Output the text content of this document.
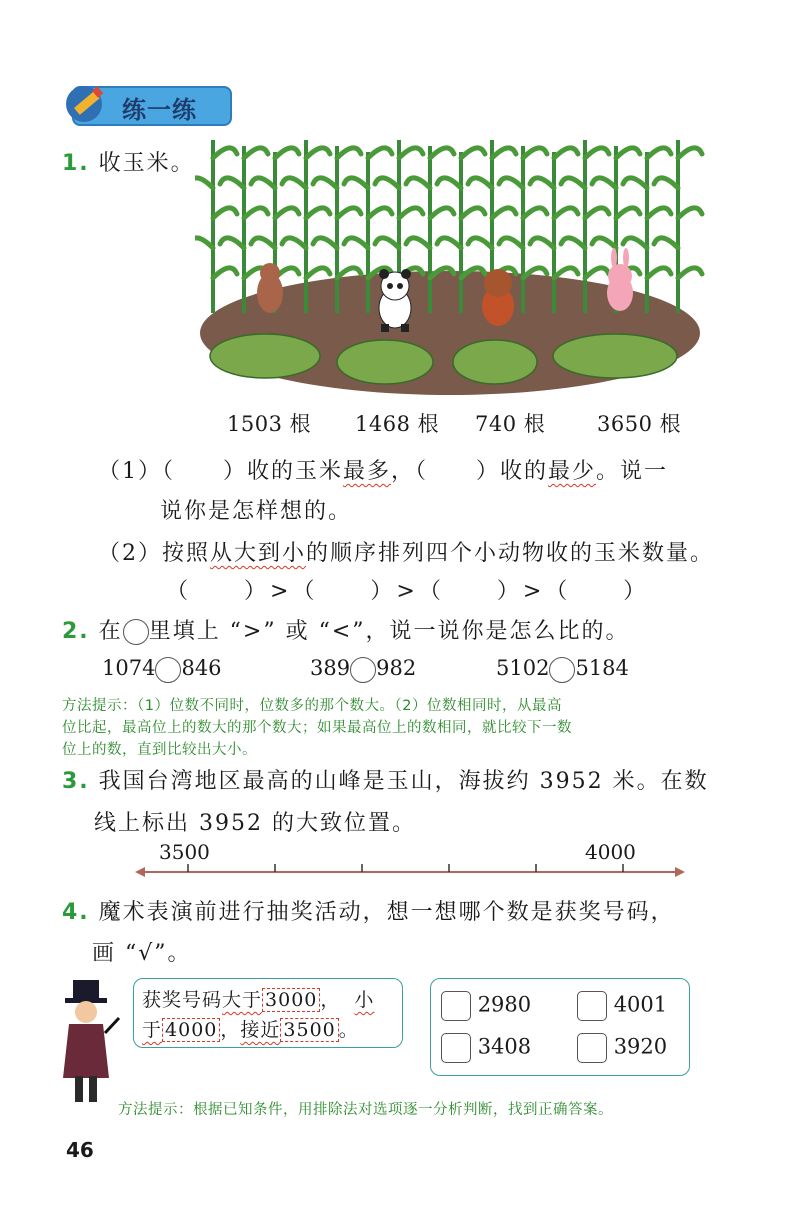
练一练
1. 收玉米。
1503 根 1468 根 740 根 3650 根
（1）（　　）收的玉米最多，（　　）收的最少。说一
说你是怎样想的。
（2）按照从大到小的顺序排列四个小动物收的玉米数量。
（　　）>（　　）>（　　）>（　　）
2. 在 里填上 “>” 或 “<”，说一说你是怎么比的。
1074 846	389 982	5102 5184
方法提示：（1）位数不同时，位数多的那个数大。（2）位数相同时，从最高
位比起，最高位上的数大的那个数大；如果最高位上的数相同，就比较下一数
位上的数，直到比较出大小。
3. 我国台湾地区最高的山峰是玉山，海拔约 3952 米。在数
线上标出 3952 的大致位置。
3500	4000
4. 魔术表演前进行抽奖活动，想一想哪个数是获奖号码，
画 “√”。
获奖号码大于 3000 ， 小
于 4000 ，接近 3500 。
2980	4001
3408	3920
方法提示：根据已知条件，用排除法对选项逐一分析判断，找到正确答案。
46
